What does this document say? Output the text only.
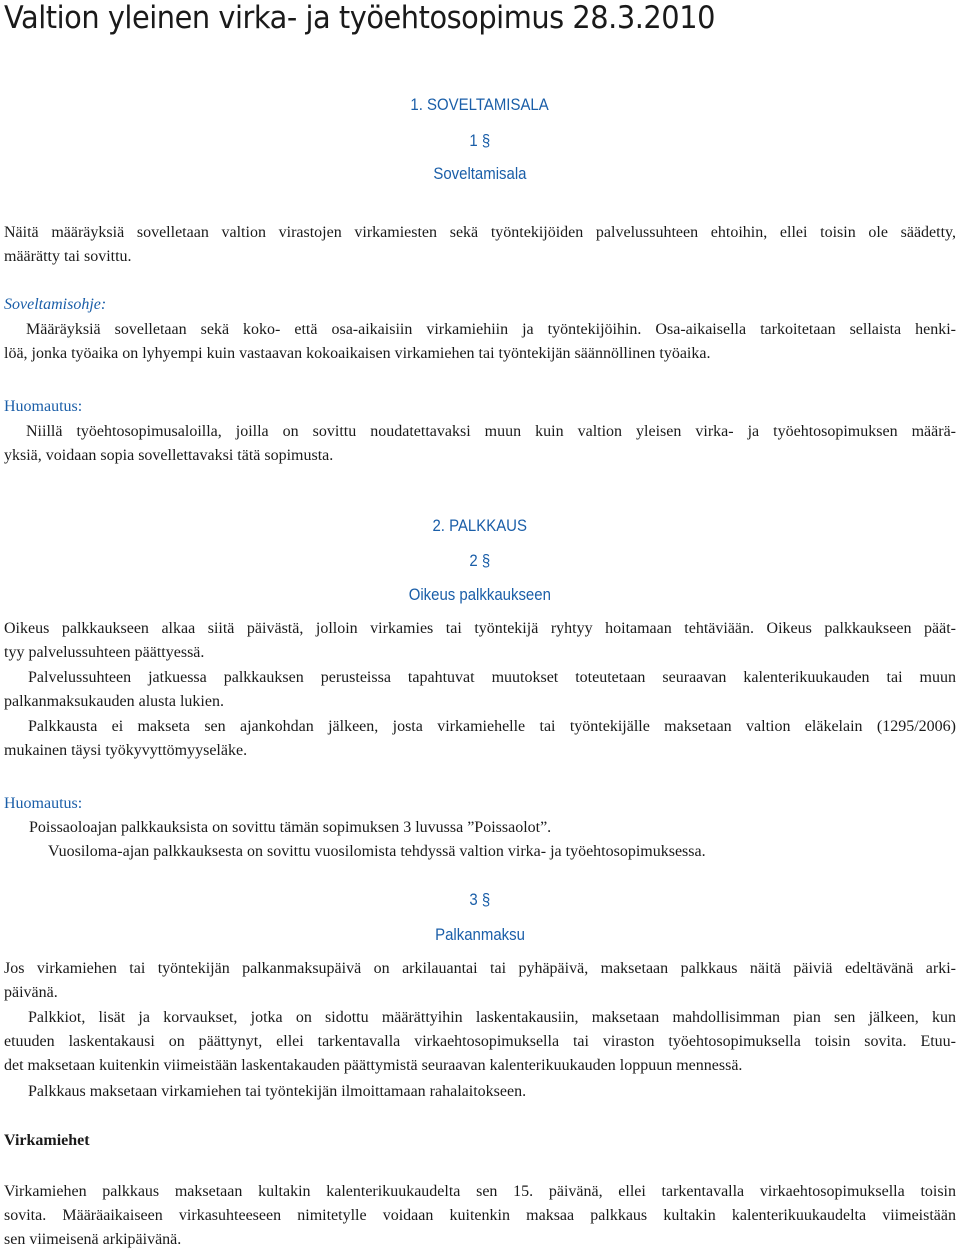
Valtion yleinen virka- ja työehtosopimus 28.3.2010
1. SOVELTAMISALA
1 §
Soveltamisala
Näitä määräyksiä sovelletaan valtion virastojen virkamiesten sekä työntekijöiden palvelussuhteen ehtoihin, ellei toisin ole säädetty,
määrätty tai sovittu.

Soveltamisohje:

Määräyksiä sovelletaan sekä koko- että osa-aikaisiin virkamiehiin ja työntekijöihin. Osa-aikaisella tarkoitetaan sellaista henki-
löä, jonka työaika on lyhyempi kuin vastaavan kokoaikaisen virkamiehen tai työntekijän säännöllinen työaika.

Huomautus:

Niillä työehtosopimusaloilla, joilla on sovittu noudatettavaksi muun kuin valtion yleisen virka- ja työehtosopimuksen määrä-
yksiä, voidaan sopia sovellettavaksi tätä sopimusta.
2. PALKKAUS
2 §
Oikeus palkkaukseen
Oikeus palkkaukseen alkaa siitä päivästä, jolloin virkamies tai työntekijä ryhtyy hoitamaan tehtäviään. Oikeus palkkaukseen päät-
tyy palvelussuhteen päättyessä.
Palvelussuhteen jatkuessa palkkauksen perusteissa tapahtuvat muutokset toteutetaan seuraavan kalenterikuukauden tai muun
palkanmaksukauden alusta lukien.
Palkkausta ei makseta sen ajankohdan jälkeen, josta virkamiehelle tai työntekijälle maksetaan valtion eläkelain (1295/2006)
mukainen täysi työkyvyttömyyseläke.

Huomautus:

Poissaoloajan palkkauksista on sovittu tämän sopimuksen 3 luvussa ”Poissaolot”.
Vuosiloma-ajan palkkauksesta on sovittu vuosilomista tehdyssä valtion virka- ja työehtosopimuksessa.
3 §
Palkanmaksu
Jos virkamiehen tai työntekijän palkanmaksupäivä on arkilauantai tai pyhäpäivä, maksetaan palkkaus näitä päiviä edeltävänä arki-
päivänä.
Palkkiot, lisät ja korvaukset, jotka on sidottu määrättyihin laskentakausiin, maksetaan mahdollisimman pian sen jälkeen, kun
etuuden laskentakausi on päättynyt, ellei tarkentavalla virkaehtosopimuksella tai viraston työehtosopimuksella toisin sovita. Etuu-
det maksetaan kuitenkin viimeistään laskentakauden päättymistä seuraavan kalenterikuukauden loppuun mennessä.
Palkkaus maksetaan virkamiehen tai työntekijän ilmoittamaan rahalaitokseen.

Virkamiehet

Virkamiehen palkkaus maksetaan kultakin kalenterikuukaudelta sen 15. päivänä, ellei tarkentavalla virkaehtosopimuksella toisin
sovita. Määräaikaiseen virkasuhteeseen nimitetylle voidaan kuitenkin maksaa palkkaus kultakin kalenterikuukaudelta viimeistään
sen viimeisenä arkipäivänä.
